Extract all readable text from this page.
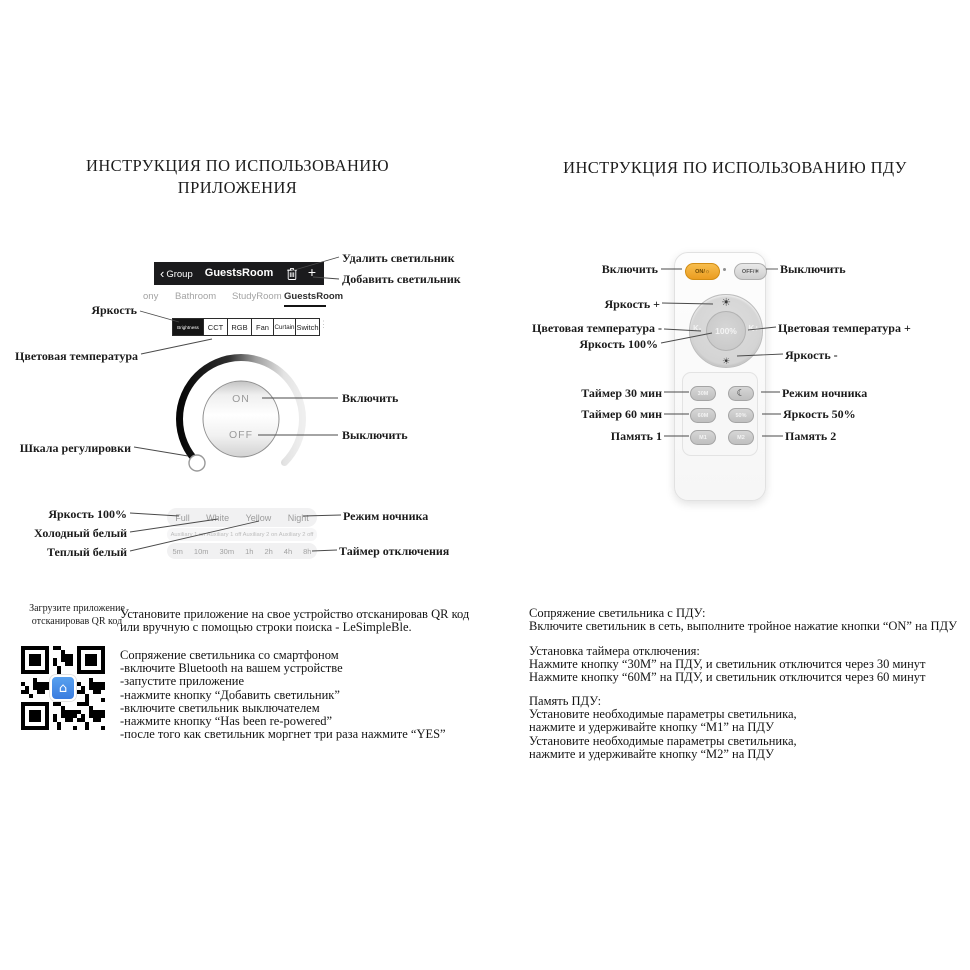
ИНСТРУКЦИЯ ПО ИСПОЛЬЗОВАНИЮ
ПРИЛОЖЕНИЯ
ИНСТРУКЦИЯ ПО ИСПОЛЬЗОВАНИЮ ПДУ
‹ Group	GuestsRoom	+
ony Bathroom StudyRoom GuestsRoom
Brightness	CCT	RGB	Fan Curtain Switch ⋮
ON
OFF
Full White Yellow Night
Auxiliary 1 on Auxiliary 1 off Auxiliary 2 on Auxiliary 2 off
5m 10m 30m 1h 2h 4h 8h
Удалить светильник
Добавить светильник
Яркость
Цветовая температура
Включить
Выключить
Шкала регулировки
Яркость 100%
Холодный белый
Теплый белый
Режим ночника
Таймер отключения
ON/☼	OFF/✳
☀
K-	100%	K+
☀
30M	☾
60M	50%
M1	M2
Включить	Выключить
Яркость +
Цветовая температура -
Яркость 100%
Цветовая температура +
Яркость -
Таймер 30 мин
Таймер 60 мин
Память 1
Режим ночника
Яркость 50%
Память 2
Загрузите приложение
отсканировав QR код
⌂
Установите приложение на свое устройство отсканировав QR код
или вручную с помощью строки поиска - LeSimpleBle.
Сопряжение светильника со смартфоном
-включите Bluetooth на вашем устройстве
-запустите приложение
-нажмите кнопку “Добавить светильник”
-включите светильник выключателем
-нажмите кнопку “Has been re-powered”
-после того как светильник моргнет три раза нажмите “YES”
Сопряжение светильника с ПДУ:
Включите светильник в сеть, выполните тройное нажатие кнопки “ON” на ПДУ
Установка таймера отключения:
Нажмите кнопку “30M” на ПДУ, и светильник отключится через 30 минут
Нажмите кнопку “60M” на ПДУ, и светильник отключится через 60 минут
Память ПДУ:
Установите необходимые параметры светильника,
нажмите и удерживайте кнопку “M1” на ПДУ
Установите необходимые параметры светильника,
нажмите и удерживайте кнопку “M2” на ПДУ
